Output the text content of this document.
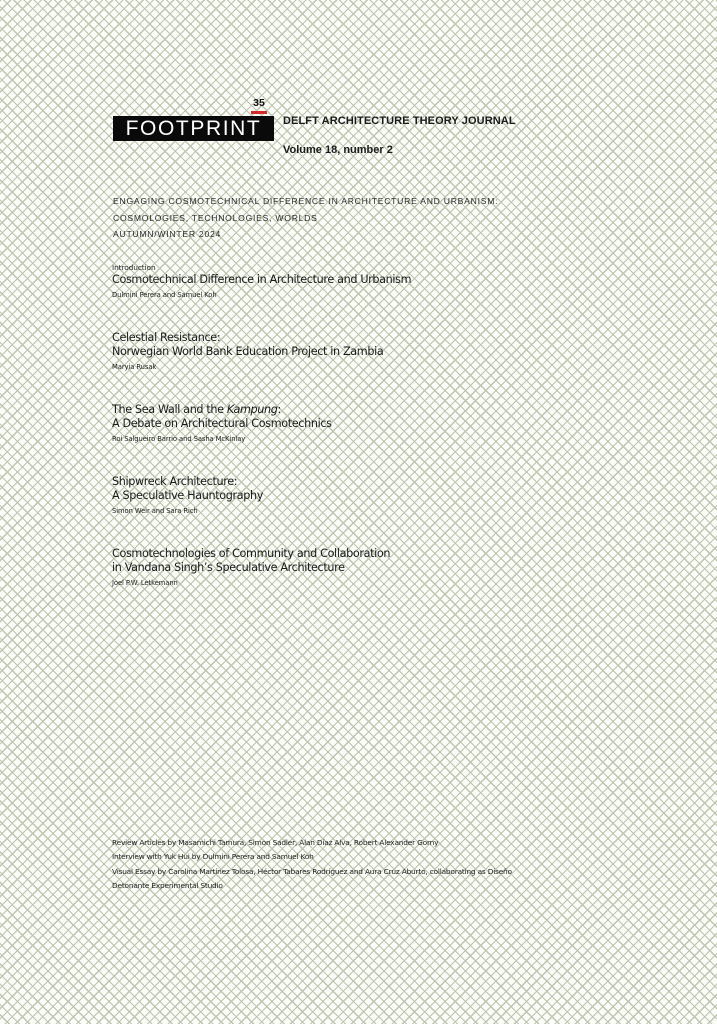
35
FOOTPRINT	DELFT ARCHITECTURE THEORY JOURNAL
Volume 18, number 2
ENGAGING COSMOTECHNICAL DIFFERENCE IN ARCHITECTURE AND URBANISM:
COSMOLOGIES, TECHNOLOGIES, WORLDS
AUTUMN/WINTER 2024
Introduction
Cosmotechnical Difference in Architecture and Urbanism
Dulmini Perera and Samuel Koh
Celestial Resistance:
Norwegian World Bank Education Project in Zambia
Maryia Rusak
The Sea Wall and the Kampung:
A Debate on Architectural Cosmotechnics
Roi Salgueiro Barrio and Sasha McKinlay
Shipwreck Architecture:
A Speculative Hauntography
Simon Weir and Sara Rich
Cosmotechnologies of Community and Collaboration
in Vandana Singh’s Speculative Architecture
Joel P.W. Letkemann
Review Articles by Masamichi Tamura, Simon Sadler, Alan Díaz Alva, Robert Alexander Gorny
Interview with Yuk Hui by Dulmini Perera and Samuel Koh
Visual Essay by Carolina Martínez Tolosa, Héctor Tabares Rodríguez and Aura Cruz Aburto, collaborating as Diseño
Detonante Experimental Studio
